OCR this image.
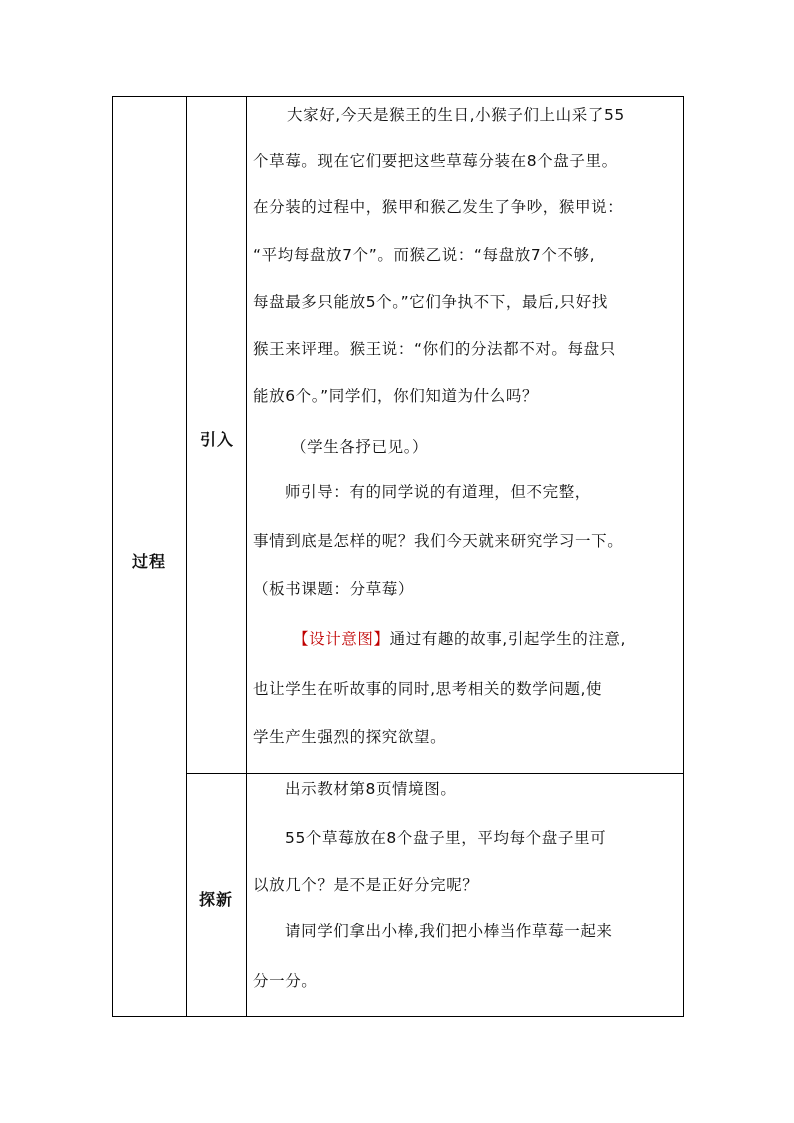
过程
引入
探新
大家好,今天是猴王的生日,小猴子们上山采了55
个草莓。现在它们要把这些草莓分装在8个盘子里。
在分装的过程中，猴甲和猴乙发生了争吵，猴甲说：
“平均每盘放7个”。而猴乙说：“每盘放7个不够,
每盘最多只能放5个。”它们争执不下，最后,只好找
猴王来评理。猴王说：“你们的分法都不对。每盘只
能放6个。”同学们，你们知道为什么吗？
（学生各抒已见。）
师引导：有的同学说的有道理，但不完整，
事情到底是怎样的呢？我们今天就来研究学习一下。
（板书课题：分草莓）
【设计意图】通过有趣的故事,引起学生的注意,
也让学生在听故事的同时,思考相关的数学问题,使
学生产生强烈的探究欲望。
出示教材第8页情境图。
55个草莓放在8个盘子里，平均每个盘子里可
以放几个？是不是正好分完呢？
请同学们拿出小棒,我们把小棒当作草莓一起来
分一分。
